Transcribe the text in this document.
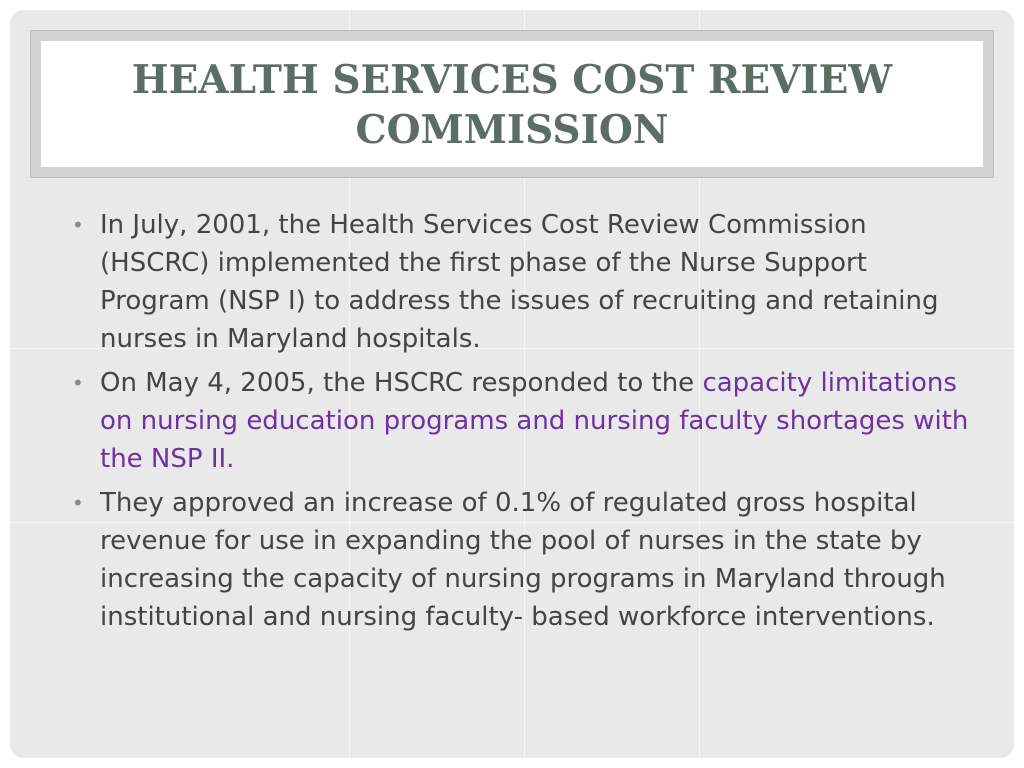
HEALTH SERVICES COST REVIEW COMMISSION
• In July, 2001, the Health Services Cost Review Commission (HSCRC) implemented the first phase of the Nurse Support Program (NSP I) to address the issues of recruiting and retaining nurses in Maryland hospitals.
• On May 4, 2005, the HSCRC responded to the capacity limitations on nursing education programs and nursing faculty shortages with the NSP II.
• They approved an increase of 0.1% of regulated gross hospital revenue for use in expanding the pool of nurses in the state by increasing the capacity of nursing programs in Maryland through institutional and nursing faculty- based workforce interventions.
